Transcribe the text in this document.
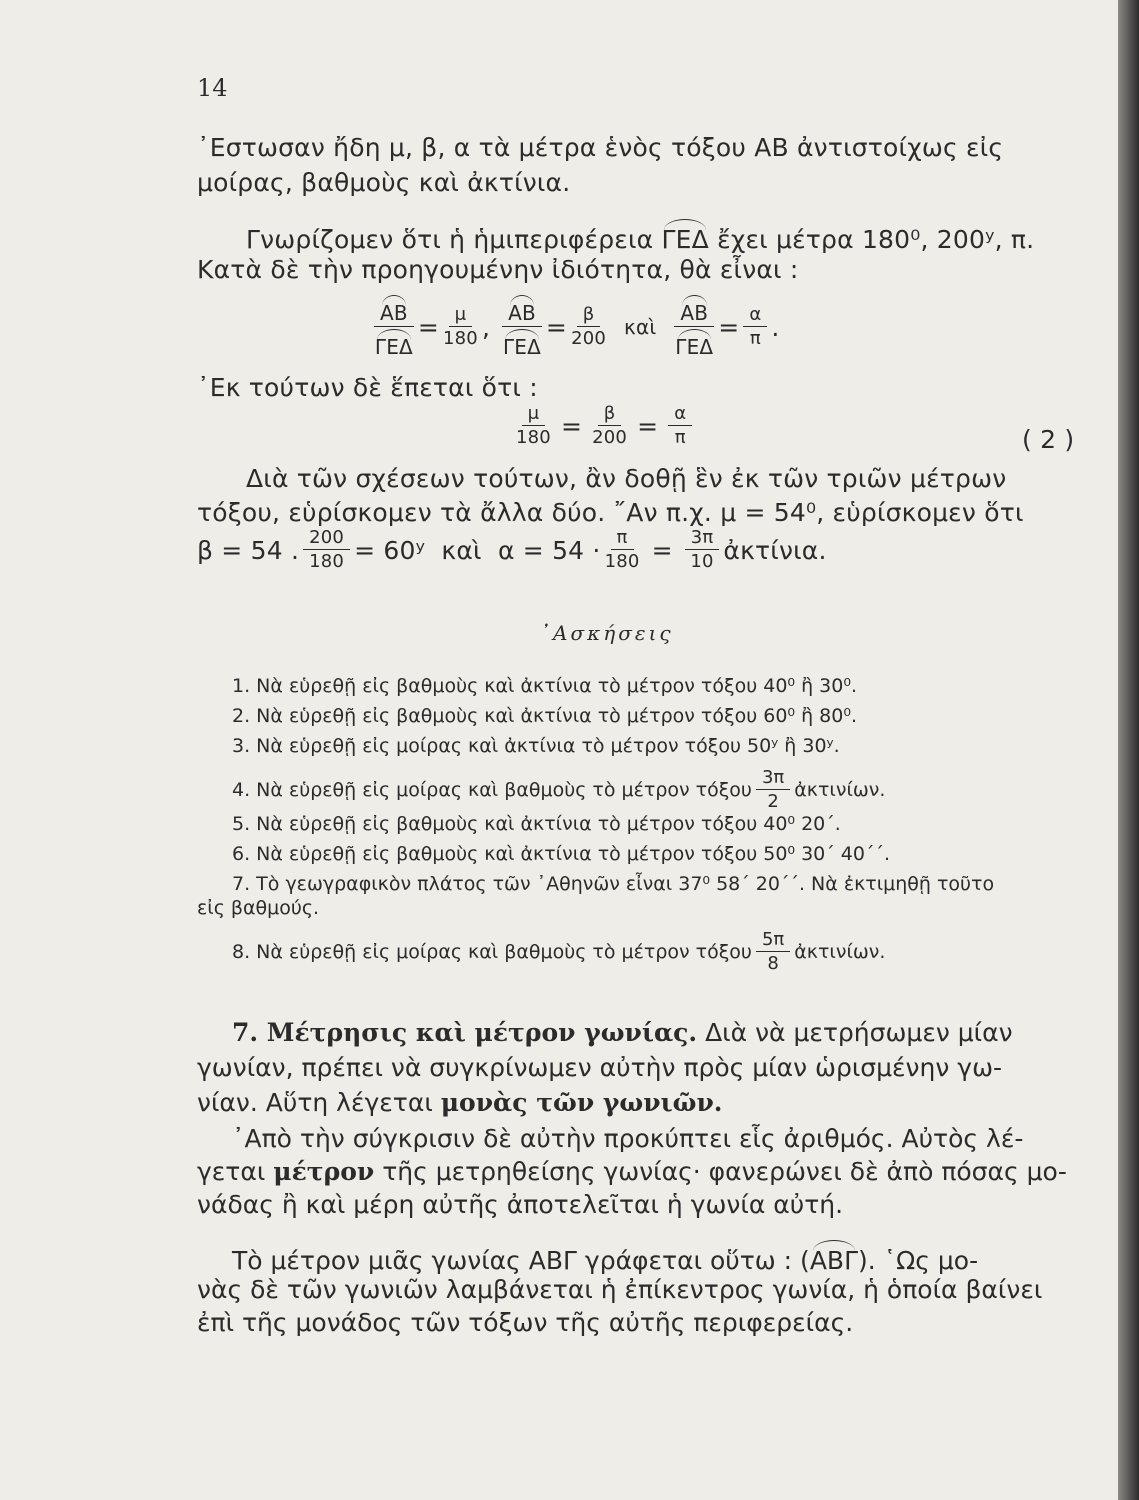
14
᾿Εστωσαν ἤδη μ, β, α τὰ μέτρα ἑνὸς τόξου ΑΒ ἀντιστοίχως εἰς
μοίρας, βαθμοὺς καὶ ἀκτίνια.
Γνωρίζομεν ὅτι ἡ ἡμιπεριφέρεια ΓΕΔ ἔχει μέτρα 180⁰, 200ʸ, π.
Κατὰ δὲ τὴν προηγουμένην ἰδιότητα, θὰ εἶναι :
$\frac{AB}{\text{ΓΕΔ}} = \frac{\mu}{180}$ , $\frac{AB}{\text{ΓΕΔ}} = \frac{\beta}{200}$ καὶ $\frac{AB}{\text{ΓΕΔ}} = \frac{\alpha}{\pi}$ .
᾿Εκ τούτων δὲ ἕπεται ὅτι :
$\frac{\mu}{180} = \frac{\beta}{200} = \frac{\alpha}{\pi}$	( 2 )
Διὰ τῶν σχέσεων τούτων, ἂν δοθῇ ἓν ἐκ τῶν τριῶν μέτρων
τόξου, εὑρίσκομεν τὰ ἄλλα δύο. ῎Αν π.χ. μ = 54⁰, εὑρίσκομεν ὅτι
β = 54 . $\frac{200}{180}$ = 60ʸ  καὶ  $\alpha = 54 \cdot \frac{\pi}{180} = \frac{3\pi}{10}$ ἀκτίνια.
᾿Ασκήσεις
1. Νὰ εὑρεθῇ εἰς βαθμοὺς καὶ ἀκτίνια τὸ μέτρον τόξου 40⁰ ἢ 30⁰.
2. Νὰ εὑρεθῇ εἰς βαθμοὺς καὶ ἀκτίνια τὸ μέτρον τόξου 60⁰ ἢ 80⁰.
3. Νὰ εὑρεθῇ εἰς μοίρας καὶ ἀκτίνια τὸ μέτρον τόξου 50ʸ ἢ 30ʸ.
4. Νὰ εὑρεθῇ εἰς μοίρας καὶ βαθμοὺς τὸ μέτρον τόξου $\frac{3\pi}{2}$ ἀκτινίων.
5. Νὰ εὑρεθῇ εἰς βαθμοὺς καὶ ἀκτίνια τὸ μέτρον τόξου 40⁰ 20΄.
6. Νὰ εὑρεθῇ εἰς βαθμοὺς καὶ ἀκτίνια τὸ μέτρον τόξου 50⁰ 30΄ 40΄΄.
7. Τὸ γεωγραφικὸν πλάτος τῶν ᾿Αθηνῶν εἶναι 37⁰ 58΄ 20΄΄. Νὰ ἐκτιμηθῇ τοῦτο
εἰς βαθμούς.
8. Νὰ εὑρεθῇ εἰς μοίρας καὶ βαθμοὺς τὸ μέτρον τόξου $\frac{5\pi}{8}$ ἀκτινίων.
7. Μέτρησις καὶ μέτρον γωνίας. Διὰ νὰ μετρήσωμεν μίαν
γωνίαν, πρέπει νὰ συγκρίνωμεν αὐτὴν πρὸς μίαν ὡρισμένην γω-
νίαν. Αὕτη λέγεται μονὰς τῶν γωνιῶν.
᾿Απὸ τὴν σύγκρισιν δὲ αὐτὴν προκύπτει εἷς ἀριθμός. Αὐτὸς λέ-
γεται μέτρον τῆς μετρηθείσης γωνίας· φανερώνει δὲ ἀπὸ πόσας μο-
νάδας ἢ καὶ μέρη αὐτῆς ἀποτελεῖται ἡ γωνία αὐτή.
Τὸ μέτρον μιᾶς γωνίας ΑΒΓ γράφεται οὕτω : (ΑΒΓ). ῾Ως μο-
νὰς δὲ τῶν γωνιῶν λαμβάνεται ἡ ἐπίκεντρος γωνία, ἡ ὁποία βαίνει
ἐπὶ τῆς μονάδος τῶν τόξων τῆς αὐτῆς περιφερείας.
